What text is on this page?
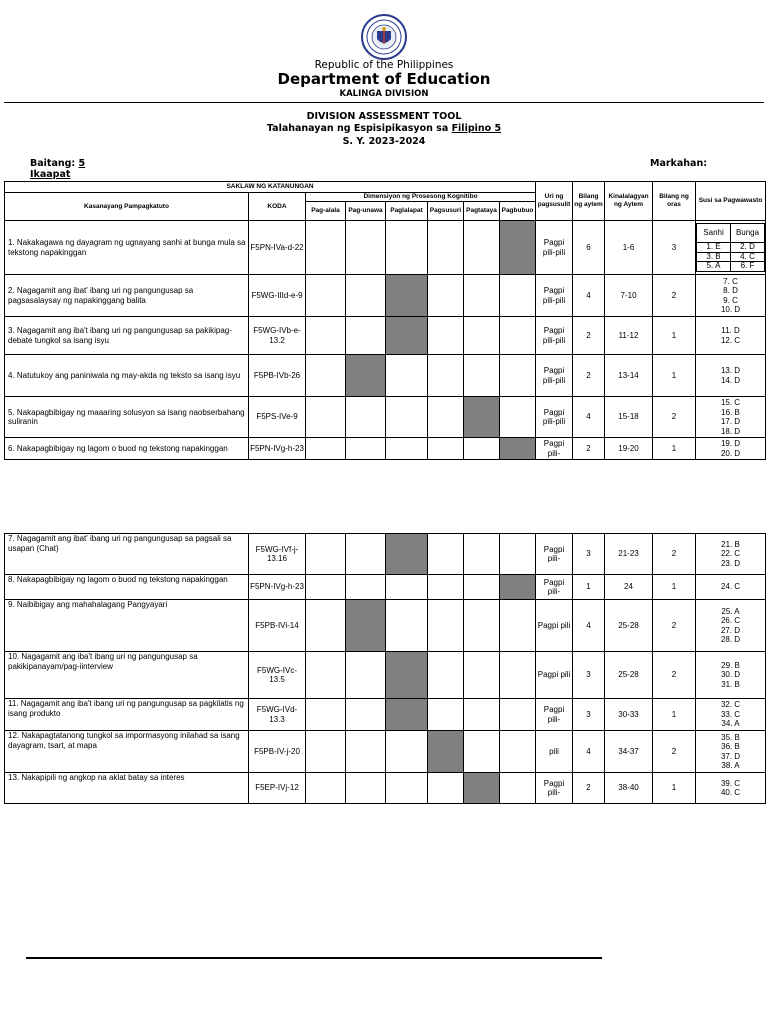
Republic of the Philippines
Department of Education
KALINGA DIVISION
DIVISION ASSESSMENT TOOL
Talahanayan ng Espisipikasyon sa Filipino 5
S. Y. 2023-2024
Baitang: 5
Ikaapat
Markahan:
SAKLAW NG KATANUNGAN	Uri ng pagsusulit	Bilang ng aytem	Kinalalagyan ng Aytem	Bilang ng oras	Susi sa Pagwawasto
Kasanayang Pampagkatuto	KODA	Dimensiyon ng Prosesong Kognitibo
Pag-alala	Pag-unawa	Paglalapat	Pagsusuri	Pagtataya	Pagbubuo
1. Nakakagawa ng dayagram ng ugnayang sanhi at bunga mula sa tekstong napakinggan	F5PN-IVa-d-22							Pagpi pili-pili	6	1-6	3	
Sanhi	Bunga
1. E	2. D
3. B	4. C
5. A	6. F

2. Nagagamit ang ibat' ibang uri ng pangungusap sa pagsasalaysay ng napakinggang balita	F5WG-IIId-e-9							Pagpi pili-pili	4	7-10	2	7. C
8. D
9. C
10. D
3. Nagagamit ang iba't ibang uri ng pangungusap sa pakikipag-debate tungkol sa isang isyu	F5WG-IVb-e-13.2							Pagpi pili-pili	2	11-12	1	11. D
12. C
4. Natutukoy ang paniniwala ng may-akda ng teksto sa isang isyu	F5PB-IVb-26							Pagpi pili-pili	2	13-14	1	13. D
14. D
5. Nakapagbibigay ng maaaring solusyon sa isang naobserbahang suliranin	F5PS-IVe-9							Pagpi pili-pili	4	15-18	2	15. C
16. B
17. D
18. D
6. Nakapagbibigay ng lagom o buod ng tekstong napakinggan	F5PN-IVg-h-23							Pagpi pili-	2	19-20	1	19. D
20. D
7. Nagagamit ang ibat' ibang uri ng pangungusap sa pagsali sa usapan (Chat)	F5WG-IVf-j-13.16							Pagpi pili-	3	21-23	2	21. B
22. C
23. D
8. Nakapagbibigay ng lagom o buod ng tekstong napakinggan	F5PN-IVg-h-23							Pagpi pili-	1	24	1	24. C
9. Naibibigay ang mahahalagang Pangyayari	F5PB-IVi-14							Pagpi pili	4	25-28	2	25. A
26. C
27. D
28. D
10. Nagagamit ang iba't ibang uri ng pangungusap sa pakikipanayam/pag-iinterview	F5WG-IVc-13.5							Pagpi pili	3	25-28	2	29. B
30. D
31. B
11. Nagagamit ang iba't ibang uri ng pangungusap sa pagkilatis ng isang produkto	F5WG-IVd-13.3							Pagpi pili-	3	30-33	1	32. C
33. C
34. A
12. Nakapagtatanong tungkol sa impormasyong inilahad sa isang dayagram, tsart, at mapa	F5PB-IV-j-20							pili	4	34-37	2	35. B
36. B
37. D
38. A
13. Nakapipili ng angkop na aklat batay sa interes	F5EP-IVj-12							Pagpi pili-	2	38-40	1	39. C
40. C
